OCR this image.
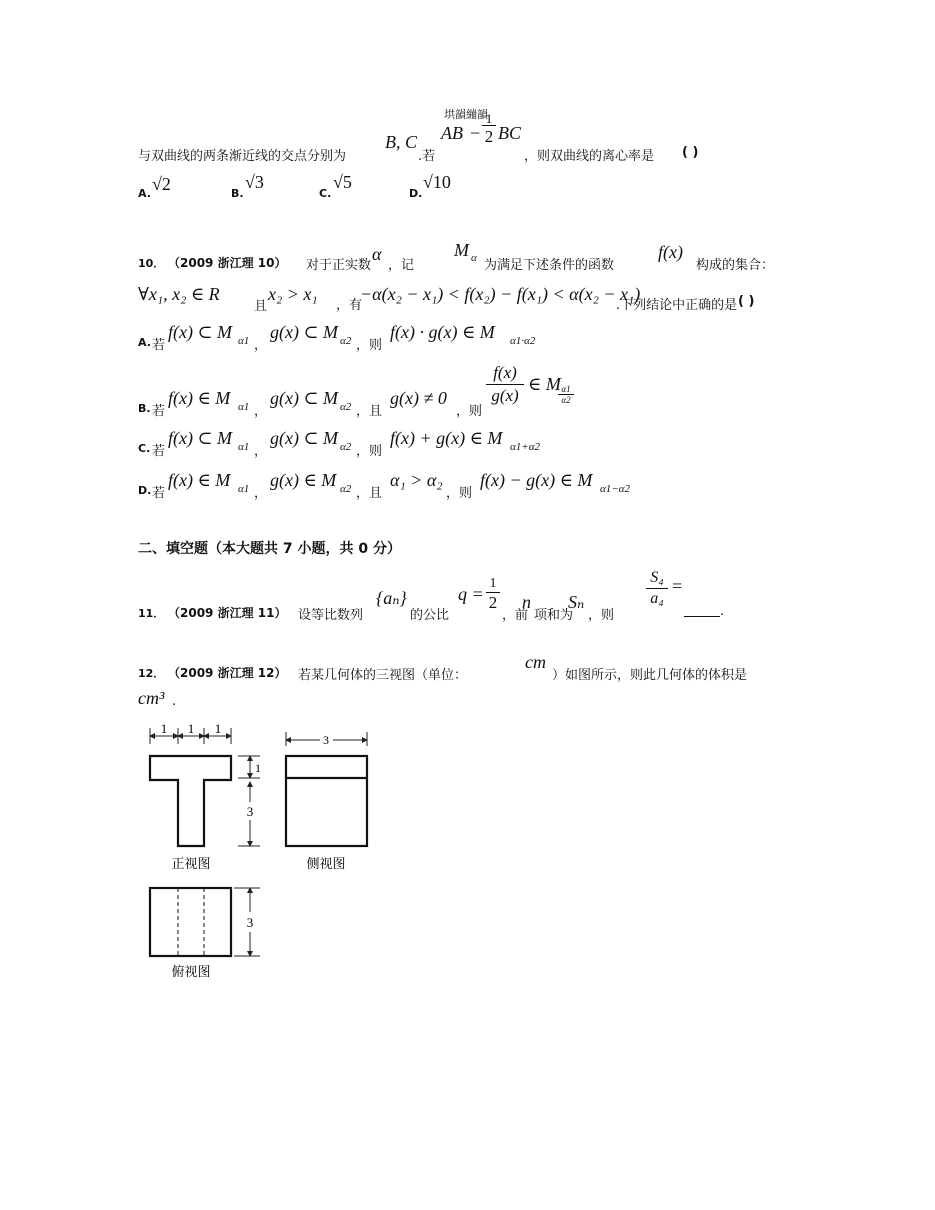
垬韻繃韻
AB −
1
2 BC
与双曲线的两条渐近线的交点分别为
B, C
.若	，则双曲线的离心率是 ( )
A. √2	B.
√3
C.
√5
D.
√10
10． （2009 浙江理 10） 对于正实数
α
，记
M α 为满足下述条件的函数
f(x)
构成的集合：
∀x₁, x₂ ∈ R
且
x₂ > x₁
，有
−α(x₂ − x₁) < f(x₂) − f(x₁) < α(x₂ − x₁)
.下列结论中正确的是 ( )
A. 若
f(x) ⊂ M α1 ，
g(x) ⊂ M α2 ，则
f(x) · g(x) ∈ M α1·α2
B. 若
f(x) ∈ M α1 ，
g(x) ⊂ M α2 ，且
g(x) ≠ 0
，则
f(x)
g(x)
∈ M α1
α2
C. 若
f(x) ⊂ M α1 ，
g(x) ⊂ M α2 ，则
f(x) + g(x) ∈ M α1+α2
D. 若
f(x) ∈ M α1 ，
g(x) ∈ M α2 ，且
α₁ > α₂
，则
f(x) − g(x) ∈ M α1−α2
二、填空题（本大题共 7 小题，共 0 分）
11． （2009 浙江理 11） 设等比数列
{aₙ}
的公比
q =
1
2
，前
n
项和为
Sₙ
，则
S₄
a₄
=
.
12． （2009 浙江理 12） 若某几何体的三视图（单位：
cm
）如图所示，则此几何体的体积是
cm³ .
1 1 1
正视图
3
1
3
侧视图
3
俯视图
